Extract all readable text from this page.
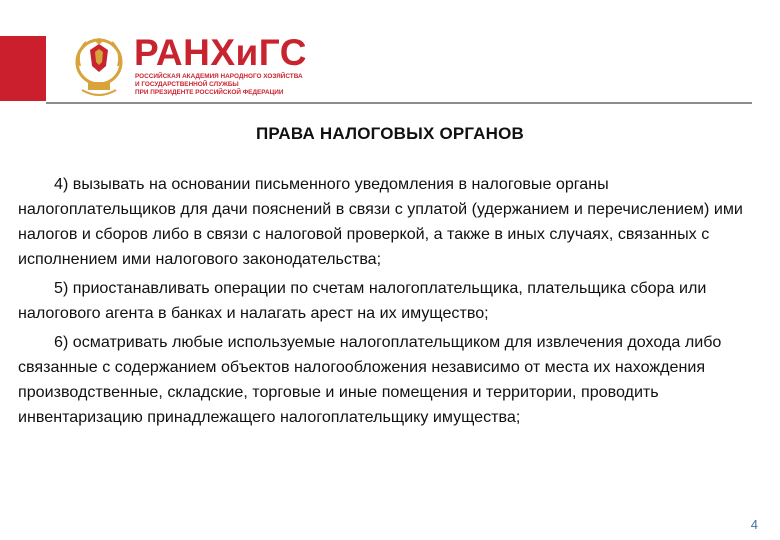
РАНХиГС
РОССИЙСКАЯ АКАДЕМИЯ НАРОДНОГО ХОЗЯЙСТВА
И ГОСУДАРСТВЕННОЙ СЛУЖБЫ
ПРИ ПРЕЗИДЕНТЕ РОССИЙСКОЙ ФЕДЕРАЦИИ
ПРАВА НАЛОГОВЫХ ОРГАНОВ

4) вызывать на основании письменного уведомления в налоговые органы налогоплательщиков для дачи пояснений в связи с уплатой (удержанием и перечислением) ими налогов и сборов либо в связи с налоговой проверкой, а также в иных случаях, связанных с исполнением ими налогового законодательства;

5) приостанавливать операции по счетам налогоплательщика, плательщика сбора или налогового агента в банках и налагать арест на их имущество;

6) осматривать любые используемые налогоплательщиком для извлечения дохода либо связанные с содержанием объектов налогообложения независимо от места их нахождения производственные, складские, торговые и иные помещения и территории, проводить инвентаризацию принадлежащего налогоплательщику имущества;

4
